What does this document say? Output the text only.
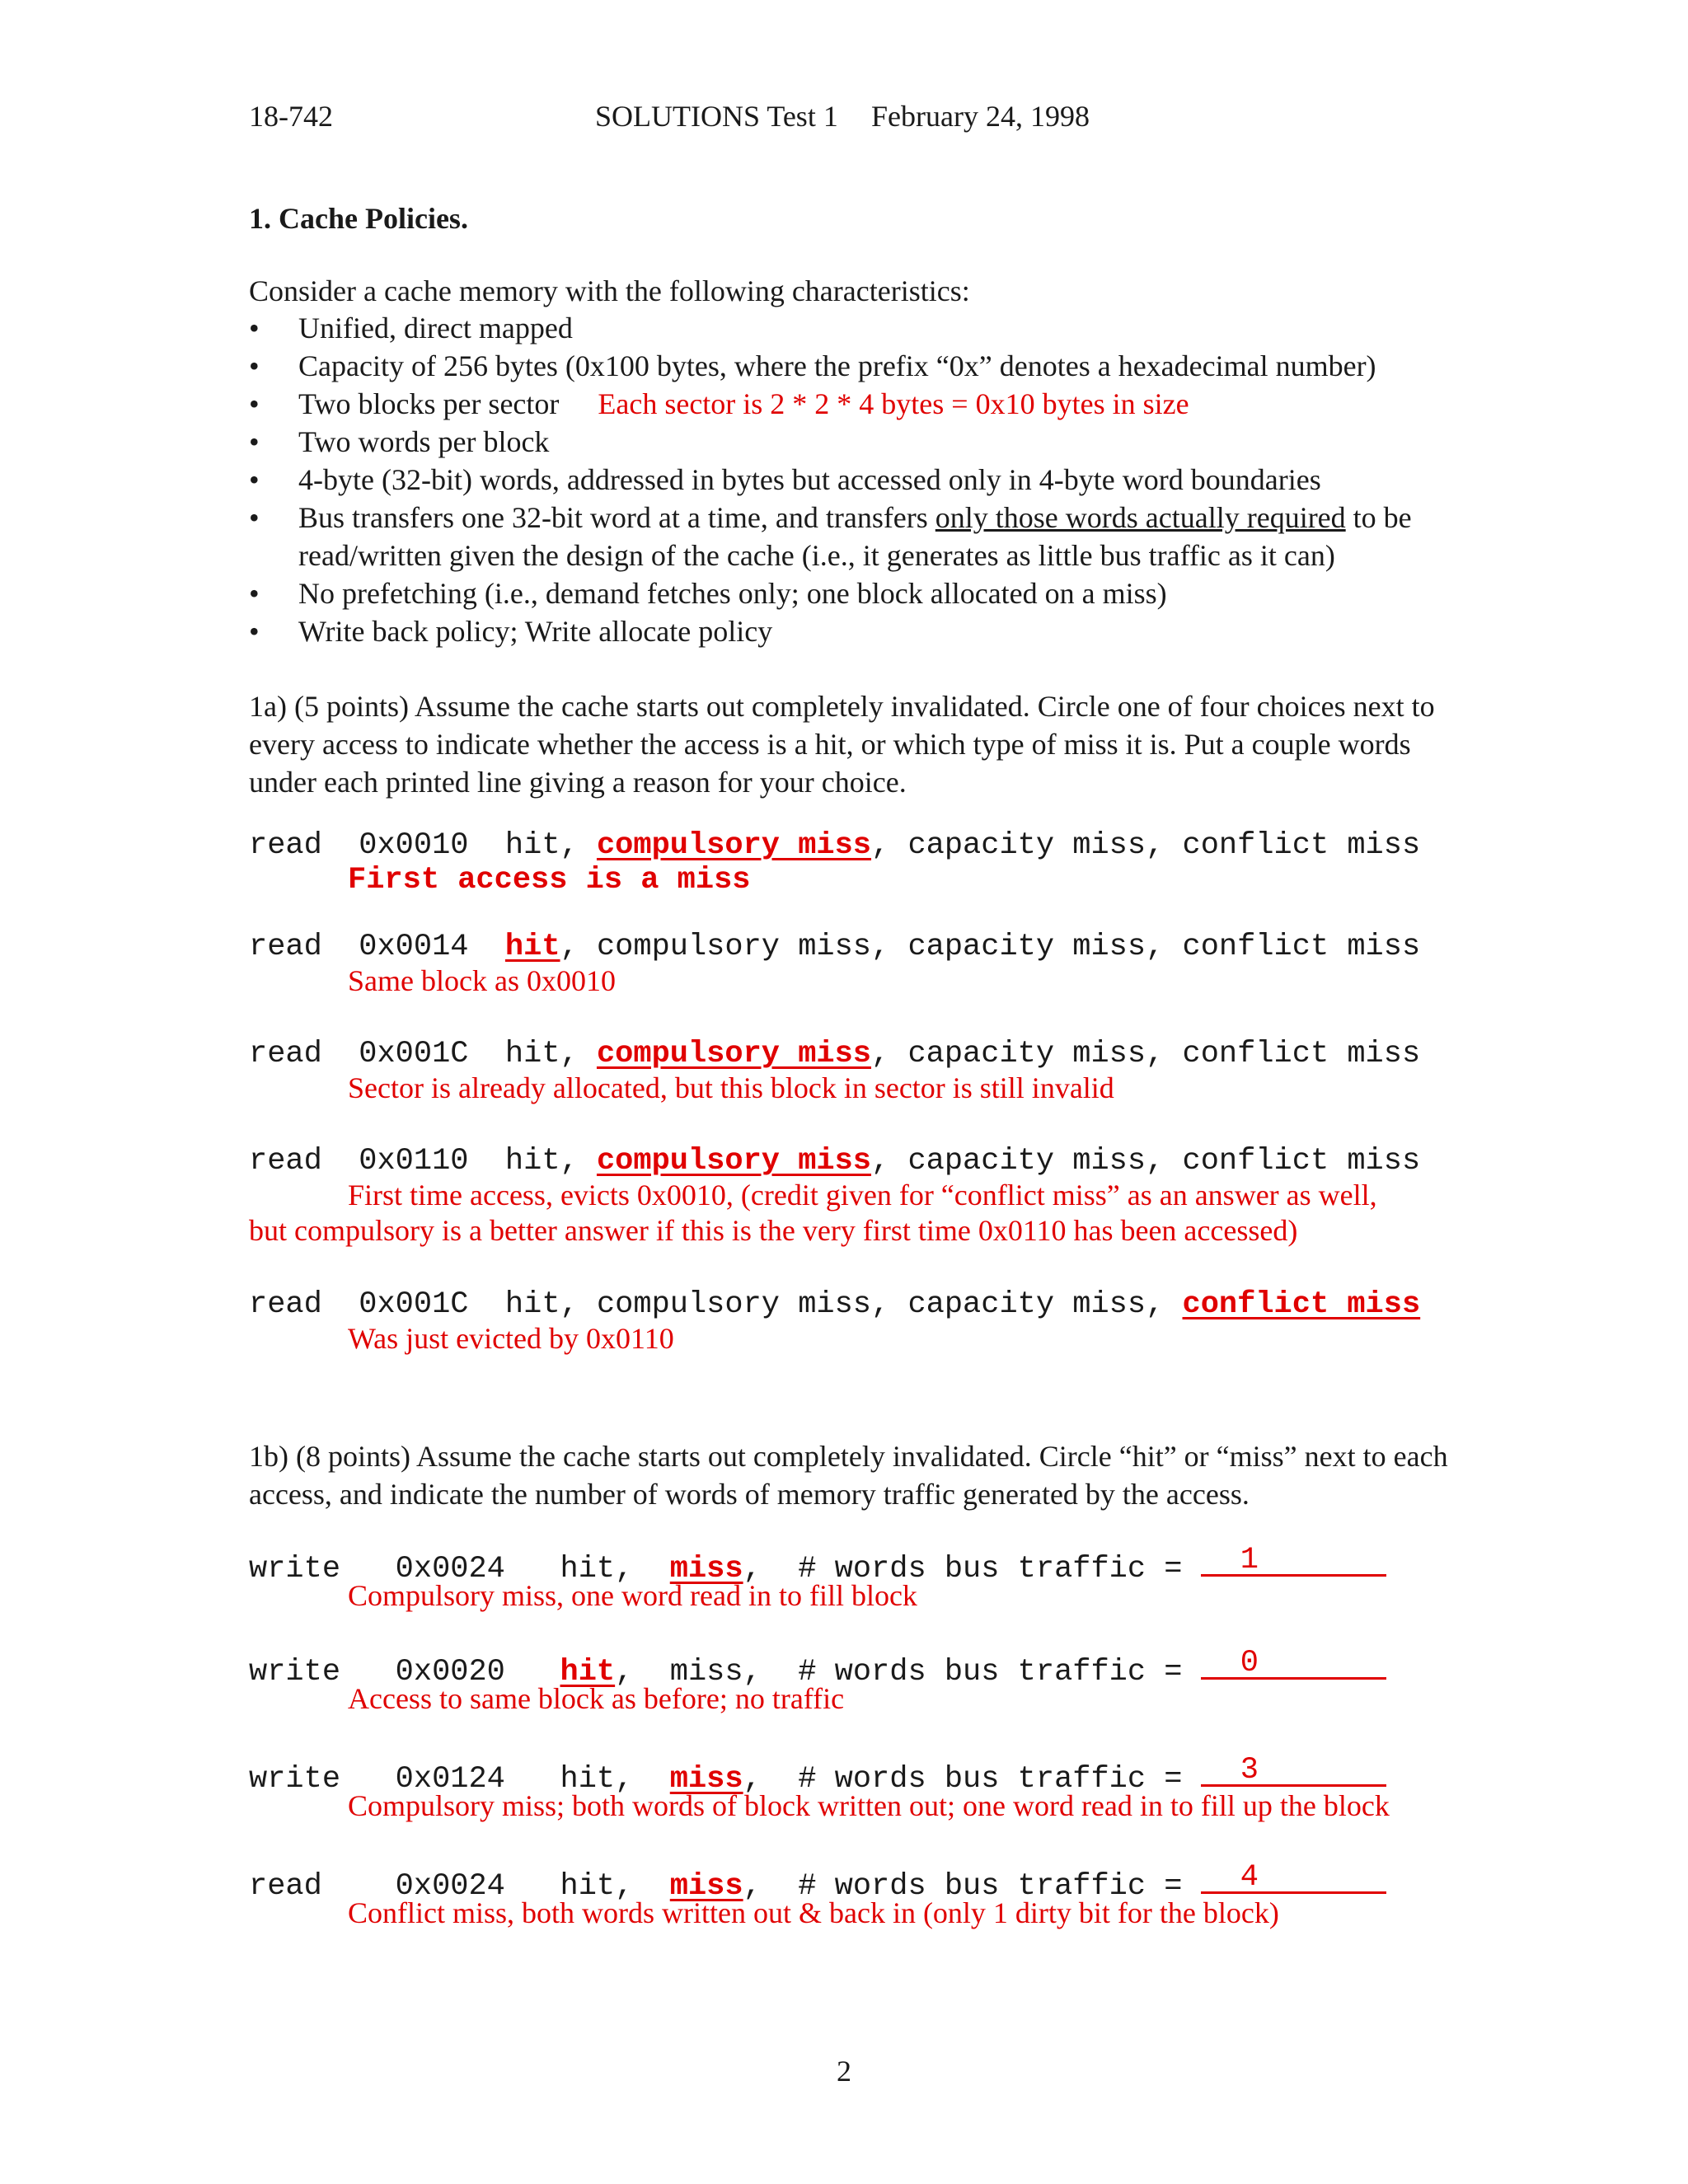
18-742	SOLUTIONS Test 1 February 24, 1998
1. Cache Policies.
Consider a cache memory with the following characteristics:
• Unified, direct mapped
• Capacity of 256 bytes (0x100 bytes, where the prefix “0x” denotes a hexadecimal number)
• Two blocks per sector Each sector is 2 * 2 * 4 bytes = 0x10 bytes in size
• Two words per block
• 4-byte (32-bit) words, addressed in bytes but accessed only in 4-byte word boundaries
• Bus transfers one 32-bit word at a time, and transfers only those words actually required to be read/written given the design of the cache (i.e., it generates as little bus traffic as it can)
• No prefetching (i.e., demand fetches only; one block allocated on a miss)
• Write back policy; Write allocate policy
1a) (5 points) Assume the cache starts out completely invalidated. Circle one of four choices next to every access to indicate whether the access is a hit, or which type of miss it is. Put a couple words under each printed line giving a reason for your choice.
read 0x0010 hit, compulsory miss, capacity miss, conflict miss
First access is a miss
read 0x0014 hit, compulsory miss, capacity miss, conflict miss
Same block as 0x0010
read 0x001C hit, compulsory miss, capacity miss, conflict miss
Sector is already allocated, but this block in sector is still invalid
read 0x0110 hit, compulsory miss, capacity miss, conflict miss
First time access, evicts 0x0010, (credit given for “conflict miss” as an answer as well,
but compulsory is a better answer if this is the very first time 0x0110 has been accessed)
read 0x001C hit, compulsory miss, capacity miss, conflict miss
Was just evicted by 0x0110
1b) (8 points) Assume the cache starts out completely invalidated. Circle “hit” or “miss” next to each access, and indicate the number of words of memory traffic generated by the access.
write 0x0024 hit,  miss,  # words bus traffic = 1
Compulsory miss, one word read in to fill block
write 0x0020 hit,  miss,  # words bus traffic = 0
Access to same block as before; no traffic
write 0x0124 hit,  miss,  # words bus traffic = 3
Compulsory miss; both words of block written out; one word read in to fill up the block
read 0x0024 hit,  miss,  # words bus traffic = 4
Conflict miss, both words written out & back in (only 1 dirty bit for the block)
2
